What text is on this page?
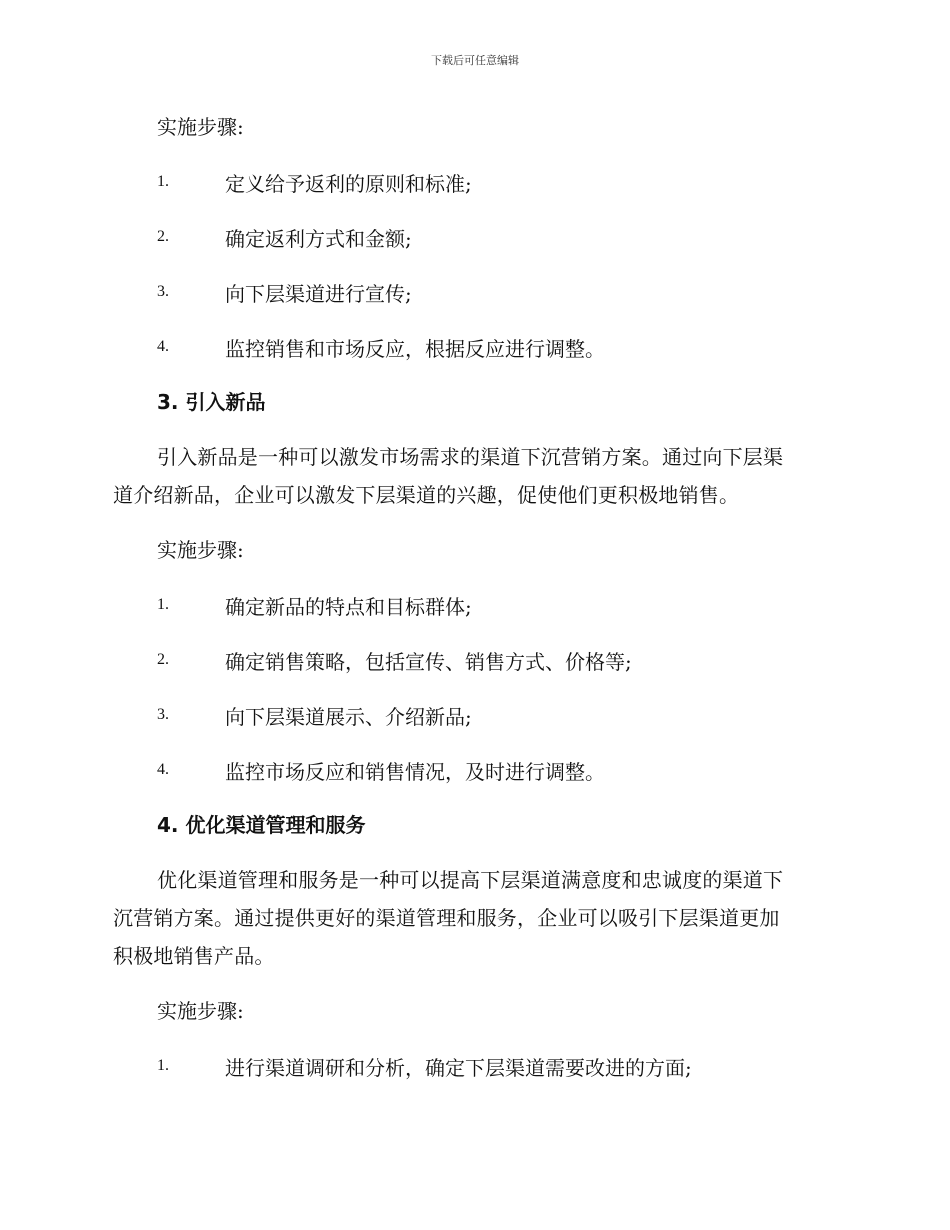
下载后可任意编辑
实施步骤:
1.	定义给予返利的原则和标准;
2.	确定返利方式和金额;
3.	向下层渠道进行宣传;
4.	监控销售和市场反应，根据反应进行调整。
3. 引入新品
引入新品是一种可以激发市场需求的渠道下沉营销方案。通过向下层渠
道介绍新品，企业可以激发下层渠道的兴趣，促使他们更积极地销售。
实施步骤:
1.	确定新品的特点和目标群体;
2.	确定销售策略，包括宣传、销售方式、价格等;
3.	向下层渠道展示、介绍新品;
4.	监控市场反应和销售情况，及时进行调整。
4. 优化渠道管理和服务
优化渠道管理和服务是一种可以提高下层渠道满意度和忠诚度的渠道下
沉营销方案。通过提供更好的渠道管理和服务，企业可以吸引下层渠道更加
积极地销售产品。
实施步骤:
1.	进行渠道调研和分析，确定下层渠道需要改进的方面;
